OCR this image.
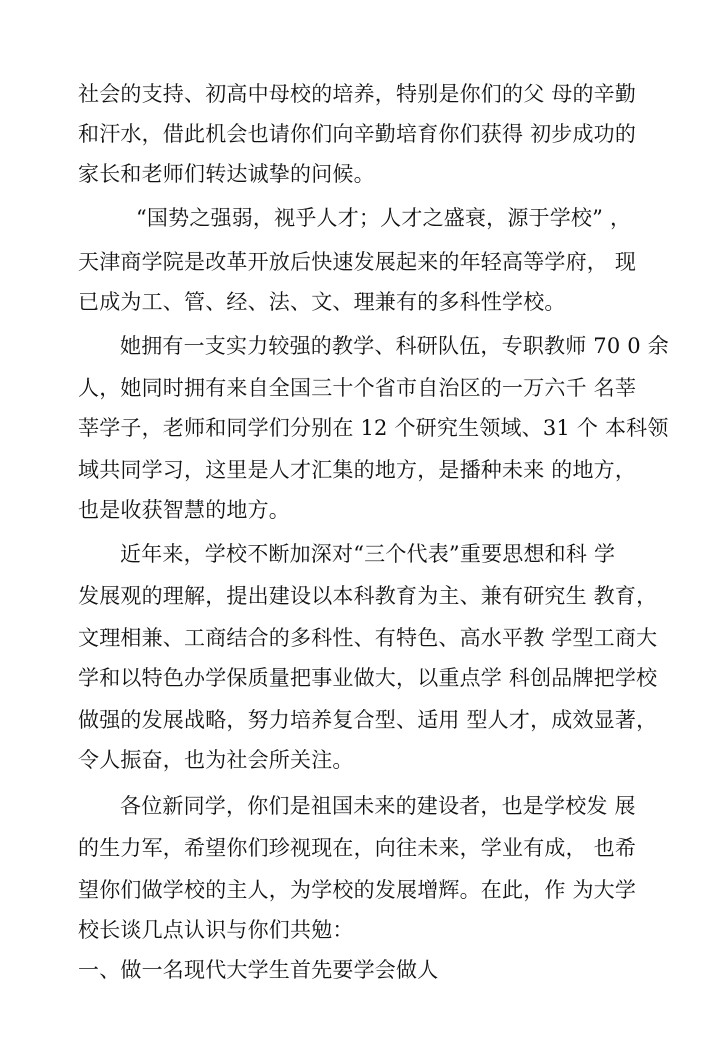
社会的支持、初高中母校的培养，特别是你们的父 母的辛勤
和汗水，借此机会也请你们向辛勤培育你们获得 初步成功的
家长和老师们转达诚挚的问候。
“国势之强弱，视乎人才；人才之盛衰，源于学校” ，
天津商学院是改革开放后快速发展起来的年轻高等学府， 现
已成为工、管、经、法、文、理兼有的多科性学校。
她拥有一支实力较强的教学、科研队伍，专职教师 70 0 余
人，她同时拥有来自全国三十个省市自治区的一万六千 名莘
莘学子，老师和同学们分别在 12 个研究生领域、31 个 本科领
域共同学习，这里是人才汇集的地方，是播种未来 的地方，
也是收获智慧的地方。
近年来，学校不断加深对“三个代表”重要思想和科 学
发展观的理解，提出建设以本科教育为主、兼有研究生 教育，
文理相兼、工商结合的多科性、有特色、高水平教 学型工商大
学和以特色办学保质量把事业做大，以重点学 科创品牌把学校
做强的发展战略，努力培养复合型、适用 型人才，成效显著，
令人振奋，也为社会所关注。
各位新同学，你们是祖国未来的建设者，也是学校发 展
的生力军，希望你们珍视现在，向往未来，学业有成， 也希
望你们做学校的主人，为学校的发展增辉。在此，作 为大学
校长谈几点认识与你们共勉：
一、做一名现代大学生首先要学会做人
